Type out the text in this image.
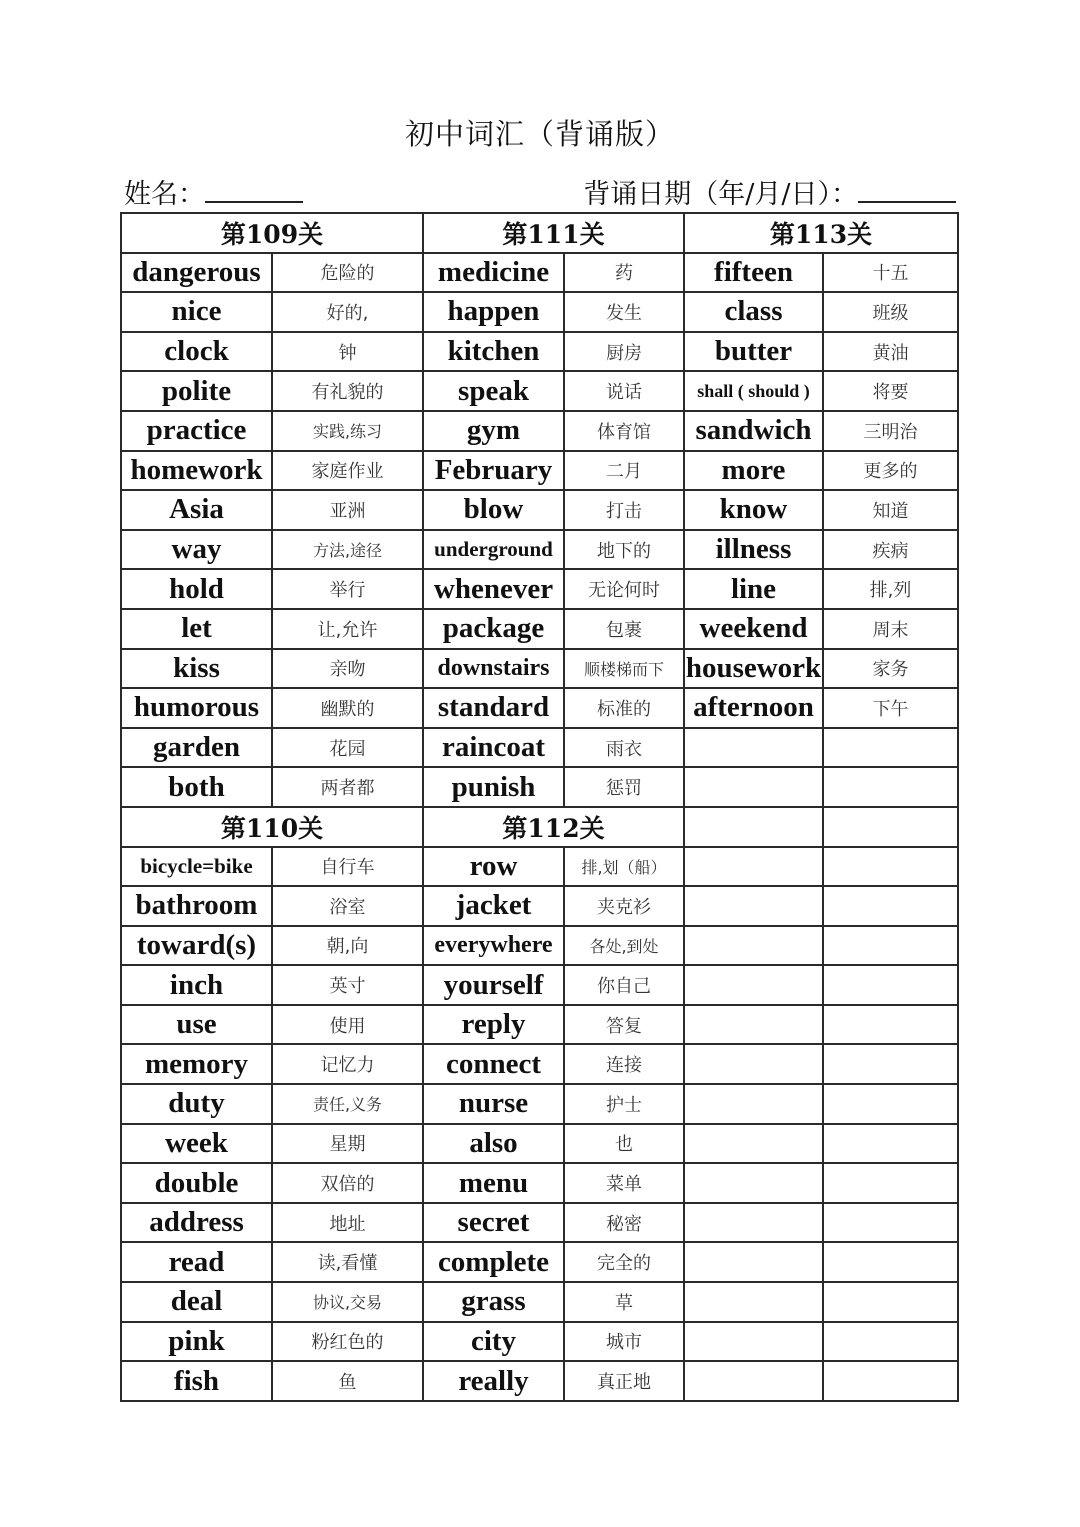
初中词汇（背诵版）
姓名：	背诵日期（年/月/日）：
第109关		第111关		第113关	
dangerous	危险的	medicine	药	fifteen	十五
nice	好的,	happen	发生	class	班级
clock	钟	kitchen	厨房	butter	黄油
polite	有礼貌的	speak	说话	shall ( should )	将要
practice	实践,练习	gym	体育馆	sandwich	三明治
homework	家庭作业	February	二月	more	更多的
Asia	亚洲	blow	打击	know	知道
way	方法,途径	underground	地下的	illness	疾病
hold	举行	whenever	无论何时	line	排,列
let	让,允许	package	包裹	weekend	周末
kiss	亲吻	downstairs	顺楼梯而下	housework	家务
humorous	幽默的	standard	标准的	afternoon	下午
garden	花园	raincoat	雨衣		
both	两者都	punish	惩罚		
第110关		第112关			
bicycle=bike	自行车	row	排,划（船）		
bathroom	浴室	jacket	夹克衫		
toward(s)	朝,向	everywhere	各处,到处		
inch	英寸	yourself	你自己		
use	使用	reply	答复		
memory	记忆力	connect	连接		
duty	责任,义务	nurse	护士		
week	星期	also	也		
double	双倍的	menu	菜单		
address	地址	secret	秘密		
read	读,看懂	complete	完全的		
deal	协议,交易	grass	草		
pink	粉红色的	city	城市		
fish	鱼	really	真正地		
